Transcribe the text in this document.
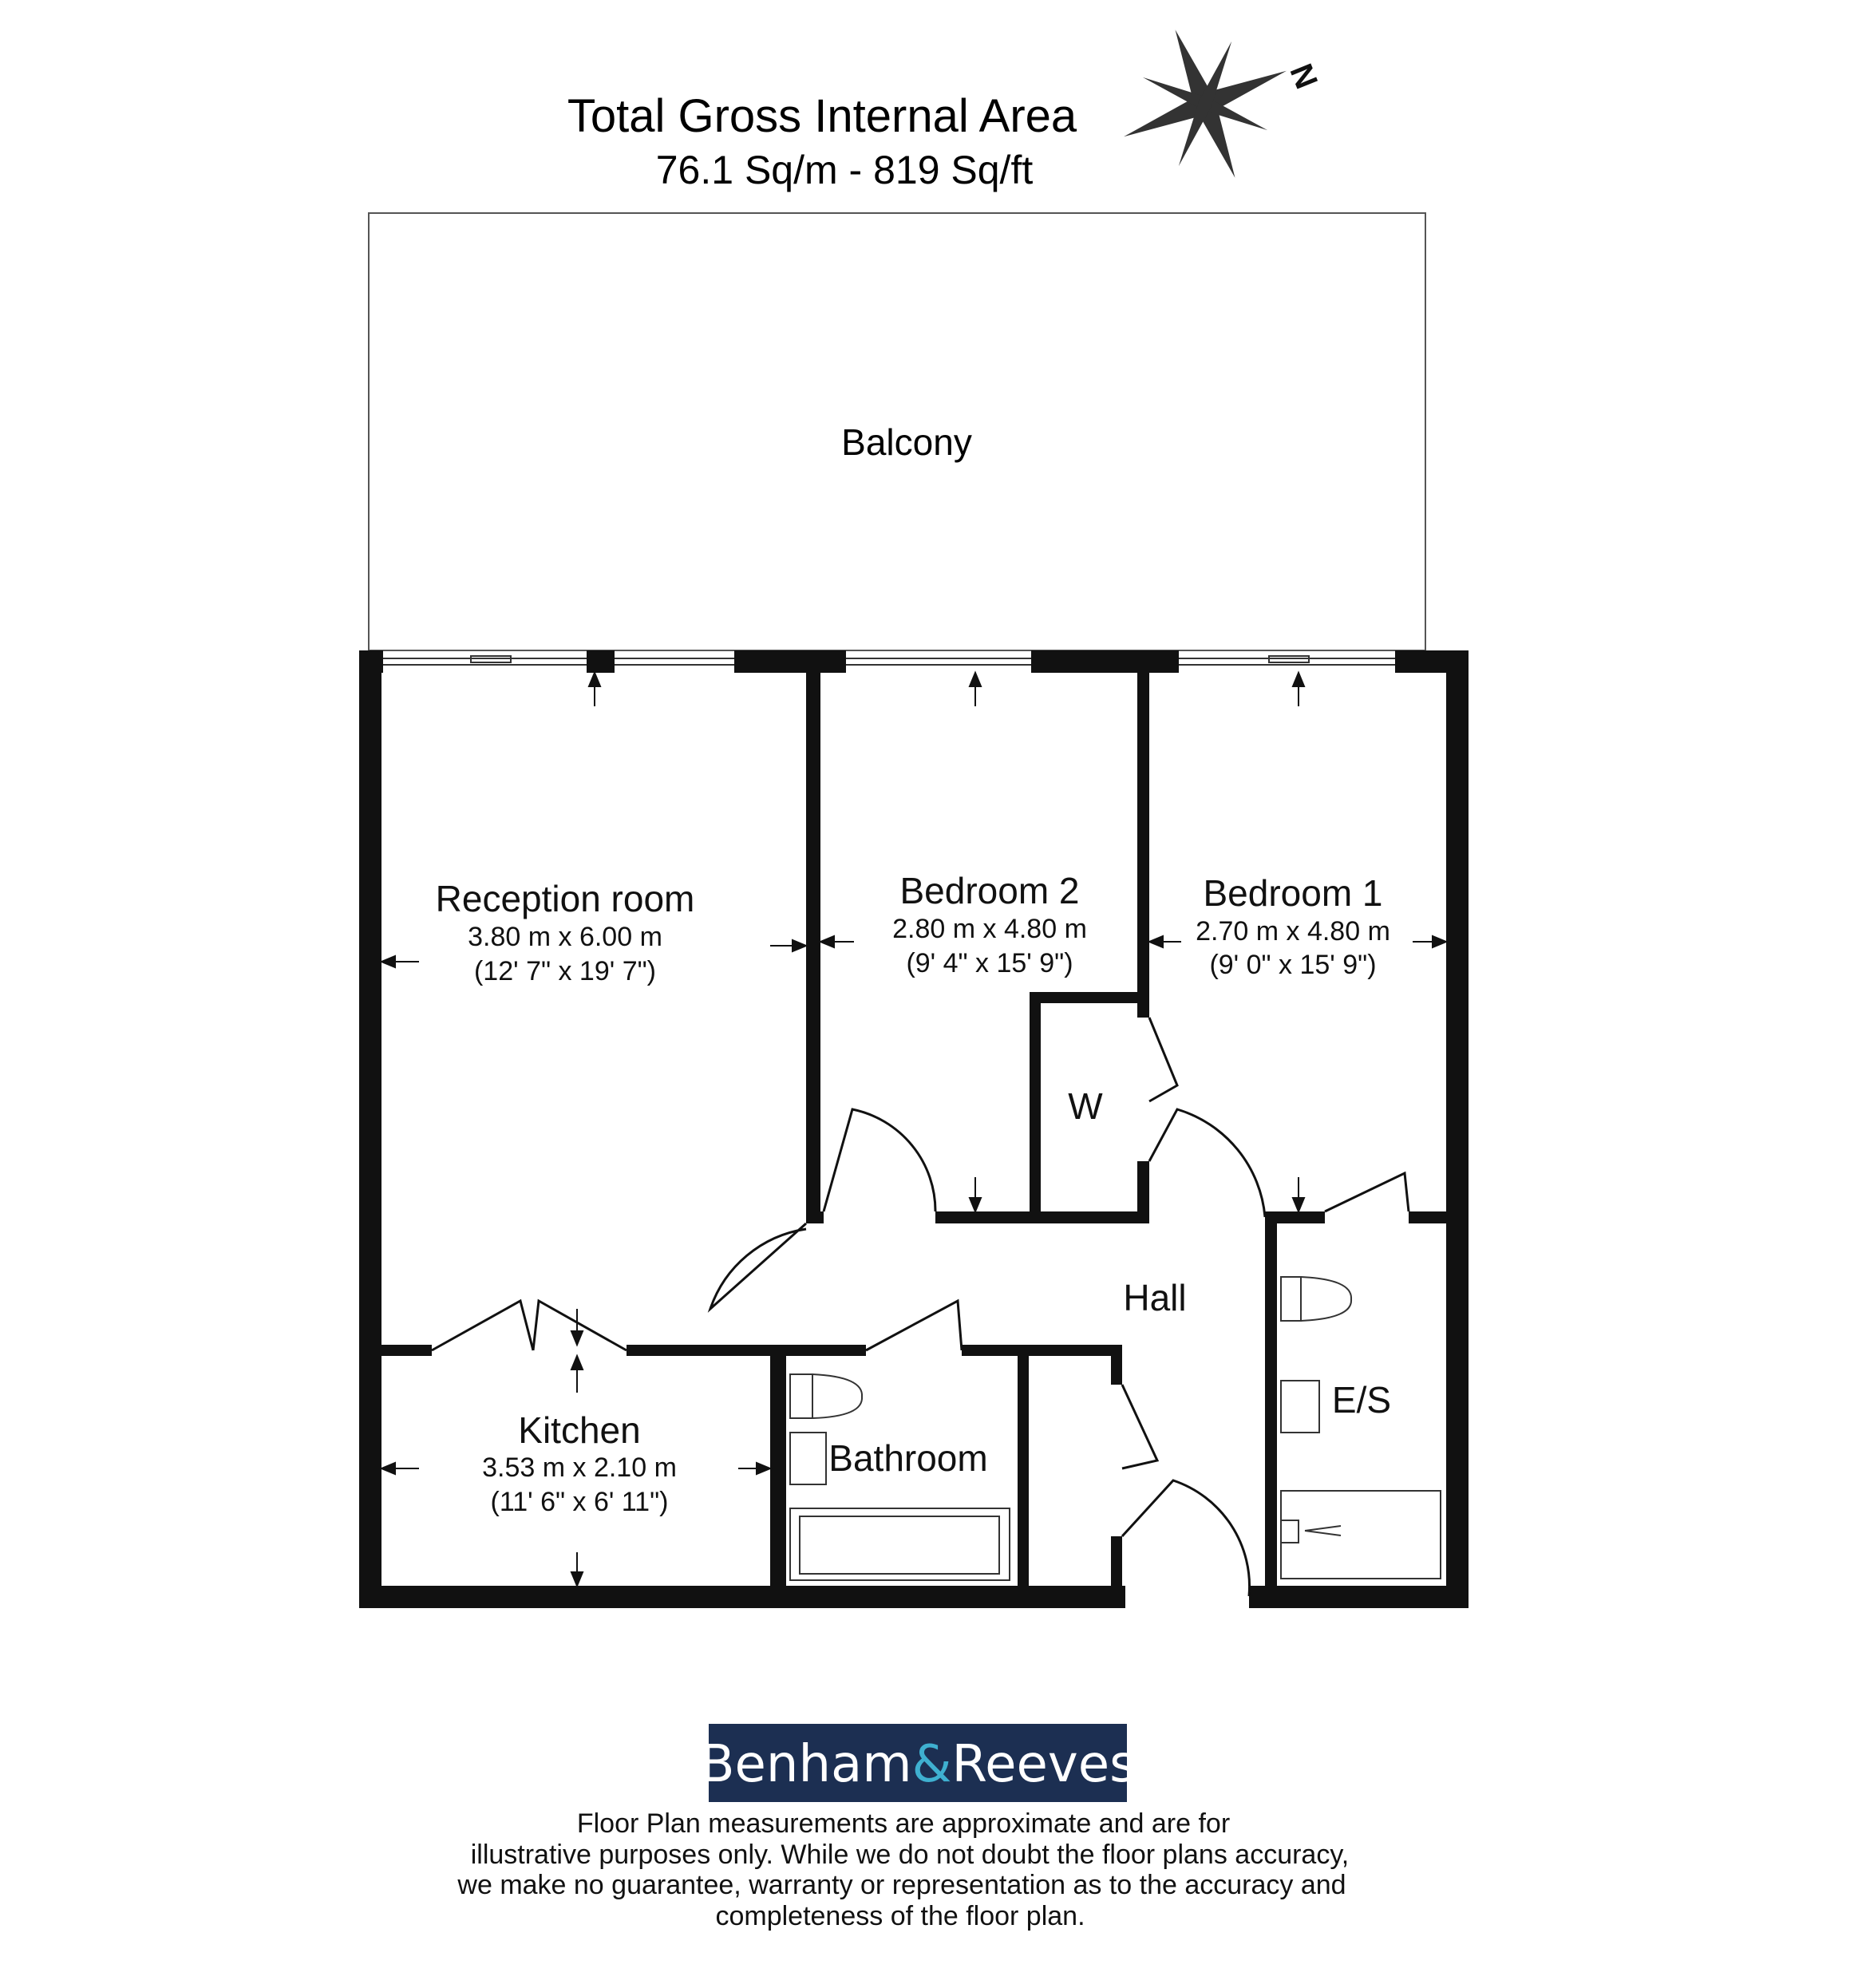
Total Gross Internal Area
76.1 Sq/m - 819 Sq/ft
N
Balcony
Reception room
3.80 m x 6.00 m
(12' 7" x 19' 7")
Bedroom 2
2.80 m x 4.80 m
(9' 4" x 15' 9")
Bedroom 1
2.70 m x 4.80 m
(9' 0" x 15' 9")
W
Hall
Kitchen
3.53 m x 2.10 m
(11' 6" x 6' 11")
Bathroom
E/S
Benham&Reeves
Floor Plan measurements are approximate and are for
illustrative purposes only. While we do not doubt the floor plans accuracy,
we make no guarantee, warranty or representation as to the accuracy and
completeness of the floor plan.
